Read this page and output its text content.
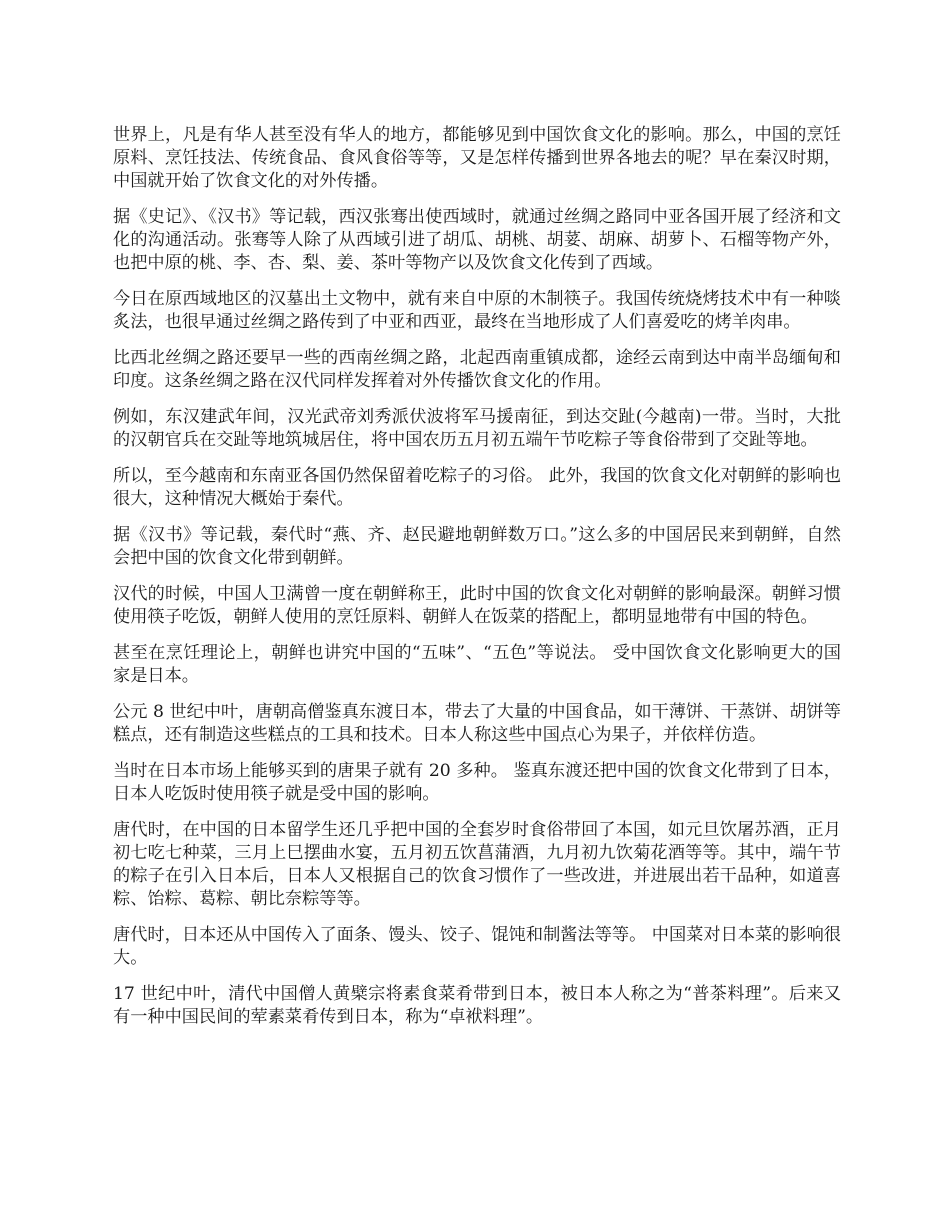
世界上，凡是有华人甚至没有华人的地方，都能够见到中国饮食文化的影响。那么，中国的烹饪原料、烹饪技法、传统食品、食风食俗等等，又是怎样传播到世界各地去的呢？早在秦汉时期，中国就开始了饮食文化的对外传播。

据《史记》、《汉书》等记载，西汉张骞出使西域时，就通过丝绸之路同中亚各国开展了经济和文化的沟通活动。张骞等人除了从西域引进了胡瓜、胡桃、胡荽、胡麻、胡萝卜、石榴等物产外，也把中原的桃、李、杏、梨、姜、茶叶等物产以及饮食文化传到了西域。

今日在原西域地区的汉墓出土文物中，就有来自中原的木制筷子。我国传统烧烤技术中有一种啖炙法，也很早通过丝绸之路传到了中亚和西亚，最终在当地形成了人们喜爱吃的烤羊肉串。

比西北丝绸之路还要早一些的西南丝绸之路，北起西南重镇成都，途经云南到达中南半岛缅甸和印度。这条丝绸之路在汉代同样发挥着对外传播饮食文化的作用。

例如，东汉建武年间，汉光武帝刘秀派伏波将军马援南征，到达交趾(今越南)一带。当时，大批的汉朝官兵在交趾等地筑城居住，将中国农历五月初五端午节吃粽子等食俗带到了交趾等地。

所以，至今越南和东南亚各国仍然保留着吃粽子的习俗。 此外，我国的饮食文化对朝鲜的影响也很大，这种情况大概始于秦代。

据《汉书》等记载，秦代时“燕、齐、赵民避地朝鲜数万口。”这么多的中国居民来到朝鲜，自然会把中国的饮食文化带到朝鲜。

汉代的时候，中国人卫满曾一度在朝鲜称王，此时中国的饮食文化对朝鲜的影响最深。朝鲜习惯使用筷子吃饭，朝鲜人使用的烹饪原料、朝鲜人在饭菜的搭配上，都明显地带有中国的特色。

甚至在烹饪理论上，朝鲜也讲究中国的“五味”、“五色”等说法。 受中国饮食文化影响更大的国家是日本。

公元 8 世纪中叶，唐朝高僧鉴真东渡日本，带去了大量的中国食品，如干薄饼、干蒸饼、胡饼等糕点，还有制造这些糕点的工具和技术。日本人称这些中国点心为果子，并依样仿造。

当时在日本市场上能够买到的唐果子就有 20 多种。 鉴真东渡还把中国的饮食文化带到了日本，日本人吃饭时使用筷子就是受中国的影响。

唐代时，在中国的日本留学生还几乎把中国的全套岁时食俗带回了本国，如元旦饮屠苏酒，正月初七吃七种菜，三月上巳摆曲水宴，五月初五饮菖蒲酒，九月初九饮菊花酒等等。其中，端午节的粽子在引入日本后，日本人又根据自己的饮食习惯作了一些改进，并进展出若干品种，如道喜粽、饴粽、葛粽、朝比奈粽等等。

唐代时，日本还从中国传入了面条、馒头、饺子、馄饨和制酱法等等。 中国菜对日本菜的影响很大。

17 世纪中叶，清代中国僧人黄檗宗将素食菜肴带到日本，被日本人称之为“普茶料理”。后来又有一种中国民间的荤素菜肴传到日本，称为“卓袱料理”。
